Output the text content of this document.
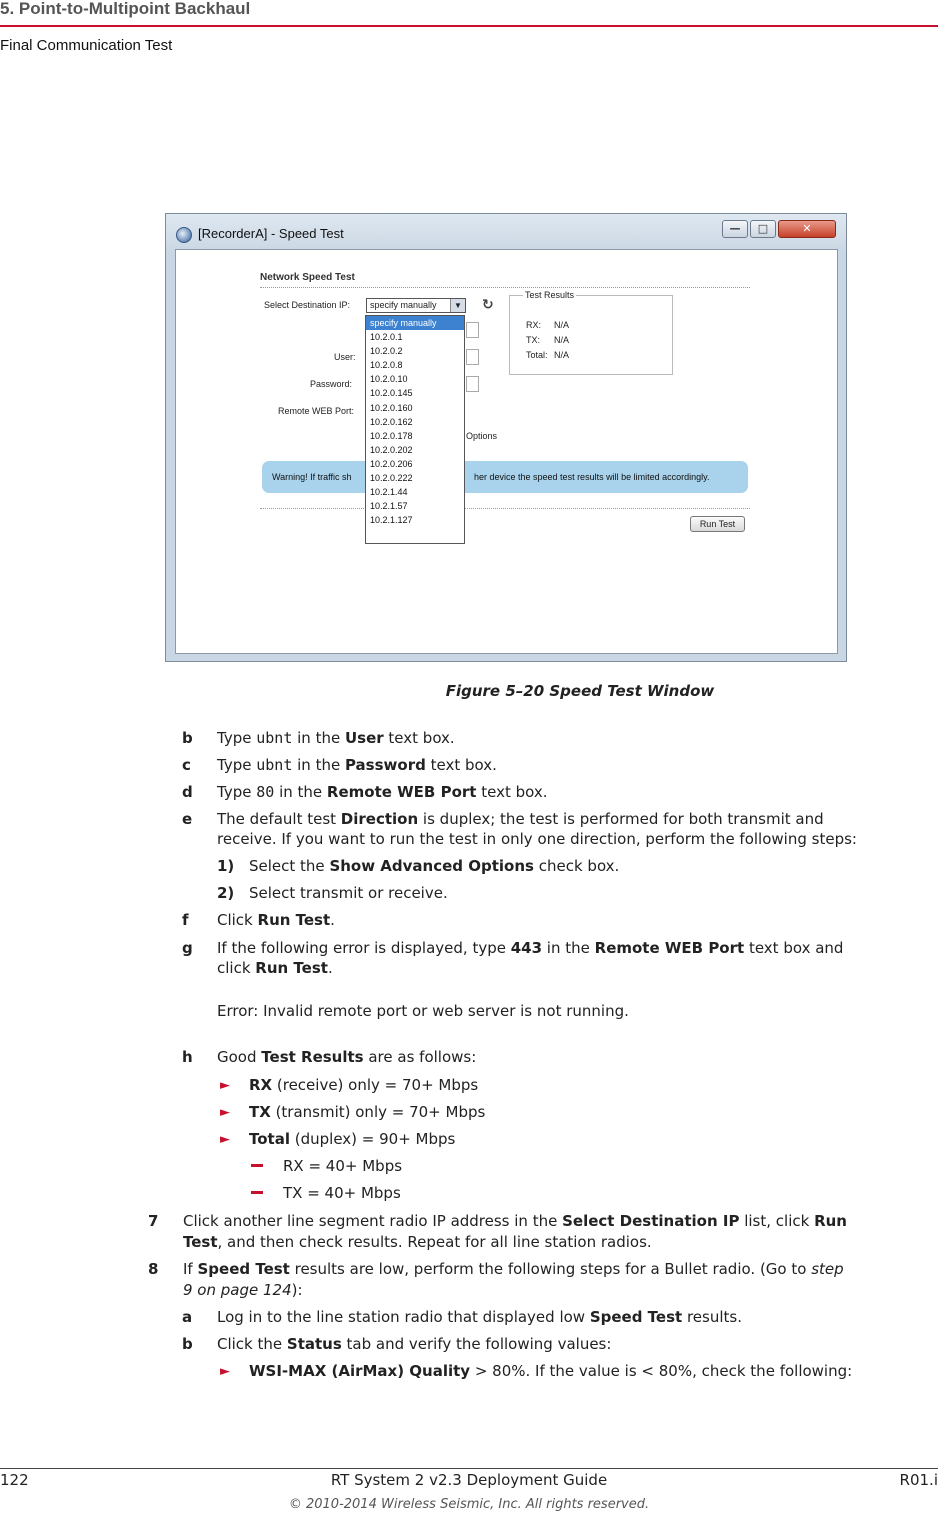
5. Point-to-Multipoint Backhaul
Final Communication Test
[RecorderA] - Speed Test	—	□	✕
Network Speed Test
Select Destination IP:	specify manually	▼ ↻
User:
Password:
Remote WEB Port:
Options
Test Results
RX: N/A
TX: N/A
Total: N/A
Warning! If traffic sh	her device the speed test results will be limited accordingly.
Run Test
specify manually
10.2.0.1
10.2.0.2
10.2.0.8
10.2.0.10
10.2.0.145
10.2.0.160
10.2.0.162
10.2.0.178
10.2.0.202
10.2.0.206
10.2.0.222
10.2.1.44
10.2.1.57
10.2.1.127
Figure 5–20 Speed Test Window
b Type ubnt in the User text box.
c Type ubnt in the Password text box.
d Type 80 in the Remote WEB Port text box.
e The default test Direction is duplex; the test is performed for both transmit and
receive. If you want to run the test in only one direction, perform the following steps:
1) Select the Show Advanced Options check box.
2) Select transmit or receive.
f Click Run Test.
g If the following error is displayed, type 443 in the Remote WEB Port text box and
click Run Test.
Error: Invalid remote port or web server is not running.
h Good Test Results are as follows:
► RX (receive) only = 70+ Mbps
► TX (transmit) only = 70+ Mbps
► Total (duplex) = 90+ Mbps
RX = 40+ Mbps
TX = 40+ Mbps
7 Click another line segment radio IP address in the Select Destination IP list, click Run
Test, and then check results. Repeat for all line station radios.
8 If Speed Test results are low, perform the following steps for a Bullet radio. (Go to step
9 on page 124):
a Log in to the line station radio that displayed low Speed Test results.
b Click the Status tab and verify the following values:
► WSI-MAX (AirMax) Quality > 80%. If the value is < 80%, check the following:
122	RT System 2 v2.3 Deployment Guide	R01.i
© 2010-2014 Wireless Seismic, Inc. All rights reserved.
